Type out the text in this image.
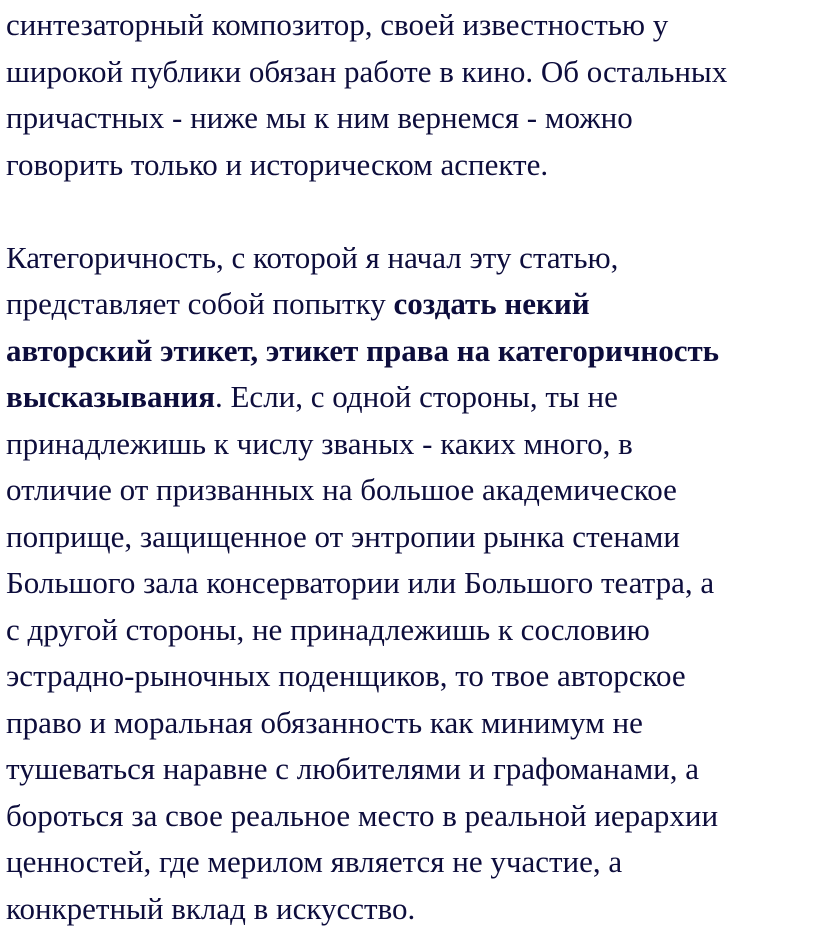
синтезаторный композитор, своей известностью у
широкой публики обязан работе в кино. Об остальных
причастных - ниже мы к ним вернемся - можно
говорить только и историческом аспекте.

Категоричность, с которой я начал эту статью,
представляет собой попытку создать некий
авторский этикет, этикет права на категоричность
высказывания. Если, с одной стороны, ты не
принадлежишь к числу званых - каких много, в
отличие от призванных на большое академическое
поприще, защищенное от энтропии рынка стенами
Большого зала консерватории или Большого театра, а
с другой стороны, не принадлежишь к сословию
эстрадно-рыночных поденщиков, то твое авторское
право и моральная обязанность как минимум не
тушеваться наравне с любителями и графоманами, а
бороться за свое реальное место в реальной иерархии
ценностей, где мерилом является не участие, а
конкретный вклад в искусство.
